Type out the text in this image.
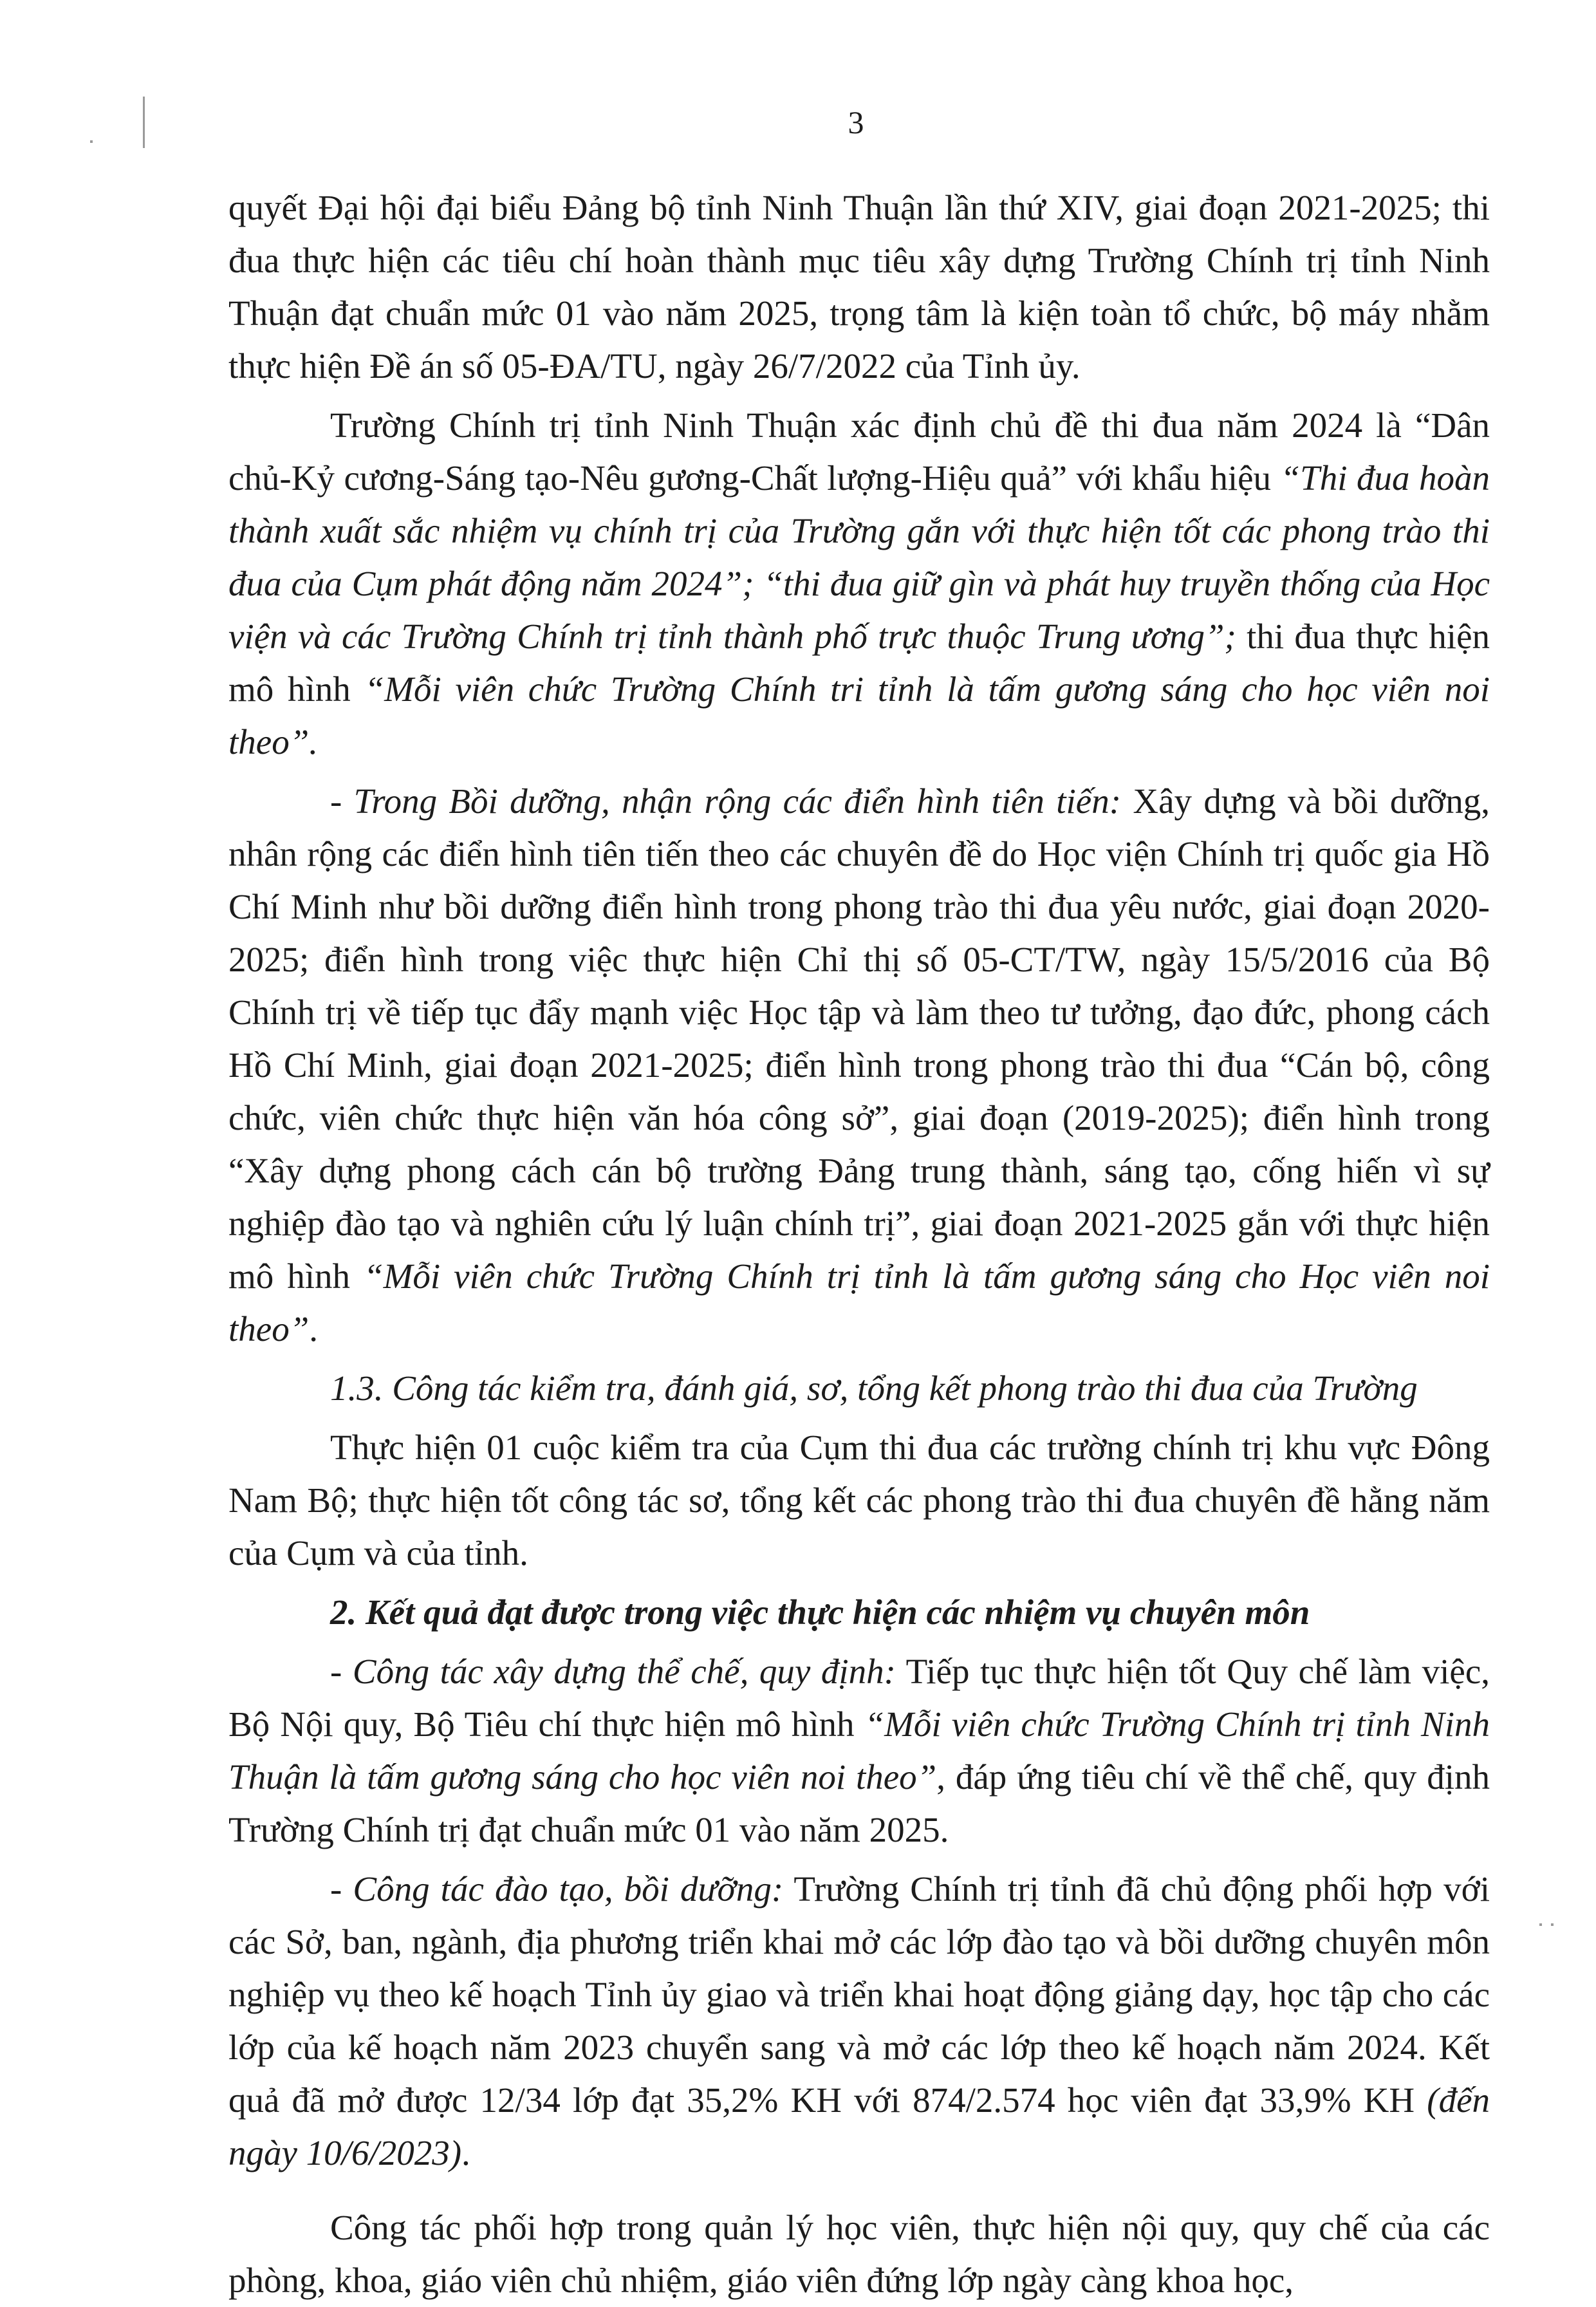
3

quyết Đại hội đại biểu Đảng bộ tỉnh Ninh Thuận lần thứ XIV, giai đoạn 2021-2025; thi đua thực hiện các tiêu chí hoàn thành mục tiêu xây dựng Trường Chính trị tỉnh Ninh Thuận đạt chuẩn mức 01 vào năm 2025, trọng tâm là kiện toàn tổ chức, bộ máy nhằm thực hiện Đề án số 05-ĐA/TU, ngày 26/7/2022 của Tỉnh ủy.

Trường Chính trị tỉnh Ninh Thuận xác định chủ đề thi đua năm 2024 là “Dân chủ-Kỷ cương-Sáng tạo-Nêu gương-Chất lượng-Hiệu quả” với khẩu hiệu “Thi đua hoàn thành xuất sắc nhiệm vụ chính trị của Trường gắn với thực hiện tốt các phong trào thi đua của Cụm phát động năm 2024”; “thi đua giữ gìn và phát huy truyền thống của Học viện và các Trường Chính trị tỉnh thành phố trực thuộc Trung ương”; thi đua thực hiện mô hình “Mỗi viên chức Trường Chính tri tỉnh là tấm gương sáng cho học viên noi theo”.

- Trong Bồi dưỡng, nhận rộng các điển hình tiên tiến: Xây dựng và bồi dưỡng, nhân rộng các điển hình tiên tiến theo các chuyên đề do Học viện Chính trị quốc gia Hồ Chí Minh như bồi dưỡng điển hình trong phong trào thi đua yêu nước, giai đoạn 2020-2025; điển hình trong việc thực hiện Chỉ thị số 05-CT/TW, ngày 15/5/2016 của Bộ Chính trị về tiếp tục đẩy mạnh việc Học tập và làm theo tư tưởng, đạo đức, phong cách Hồ Chí Minh, giai đoạn 2021-2025; điển hình trong phong trào thi đua “Cán bộ, công chức, viên chức thực hiện văn hóa công sở”, giai đoạn (2019-2025); điển hình trong “Xây dựng phong cách cán bộ trường Đảng trung thành, sáng tạo, cống hiến vì sự nghiệp đào tạo và nghiên cứu lý luận chính trị”, giai đoạn 2021-2025 gắn với thực hiện mô hình “Mỗi viên chức Trường Chính trị tỉnh là tấm gương sáng cho Học viên noi theo”.

1.3. Công tác kiểm tra, đánh giá, sơ, tổng kết phong trào thi đua của Trường

Thực hiện 01 cuộc kiểm tra của Cụm thi đua các trường chính trị khu vực Đông Nam Bộ; thực hiện tốt công tác sơ, tổng kết các phong trào thi đua chuyên đề hằng năm của Cụm và của tỉnh.

2. Kết quả đạt được trong việc thực hiện các nhiệm vụ chuyên môn

- Công tác xây dựng thể chế, quy định: Tiếp tục thực hiện tốt Quy chế làm việc, Bộ Nội quy, Bộ Tiêu chí thực hiện mô hình “Mỗi viên chức Trường Chính trị tỉnh Ninh Thuận là tấm gương sáng cho học viên noi theo”, đáp ứng tiêu chí về thể chế, quy định Trường Chính trị đạt chuẩn mức 01 vào năm 2025.

- Công tác đào tạo, bồi dưỡng: Trường Chính trị tỉnh đã chủ động phối hợp với các Sở, ban, ngành, địa phương triển khai mở các lớp đào tạo và bồi dưỡng chuyên môn nghiệp vụ theo kế hoạch Tỉnh ủy giao và triển khai hoạt động giảng dạy, học tập cho các lớp của kế hoạch năm 2023 chuyển sang và mở các lớp theo kế hoạch năm 2024. Kết quả đã mở được 12/34 lớp đạt 35,2% KH với 874/2.574 học viên đạt 33,9% KH (đến ngày 10/6/2023).

Công tác phối hợp trong quản lý học viên, thực hiện nội quy, quy chế của các phòng, khoa, giáo viên chủ nhiệm, giáo viên đứng lớp ngày càng khoa học,
